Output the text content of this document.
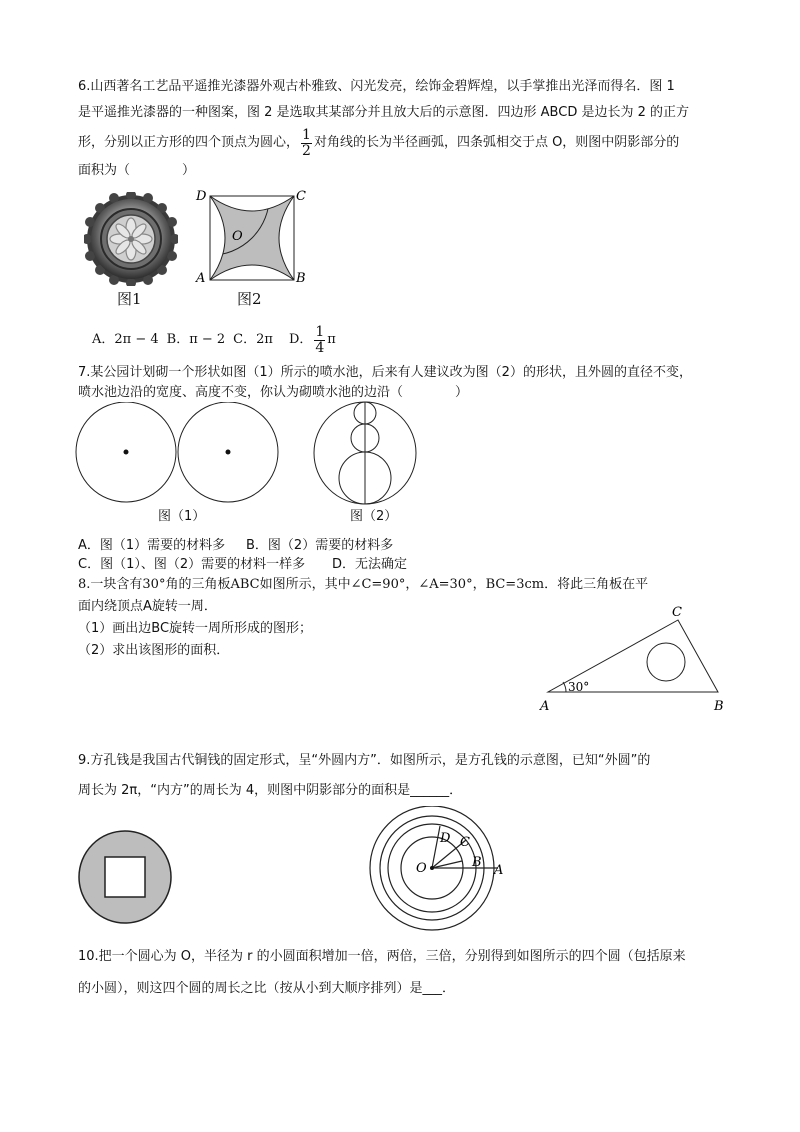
6.山西著名工艺品平遥推光漆器外观古朴雅致、闪光发亮，绘饰金碧辉煌，以手掌推出光泽而得名．图 1
是平遥推光漆器的一种图案，图 2 是选取其某部分并且放大后的示意图．四边形 ABCD 是边长为 2 的正方
形，分别以正方形的四个顶点为圆心， $\frac{1}{2}$ 对角线的长为半径画弧，四条弧相交于点 O，则图中阴影部分的
面积为（　　　　）
图1
D	C
O
A	B
图2
A．2π − 4 B．π − 2 C．2π D． $\frac{1}{4}$ π
7.某公园计划砌一个形状如图（1）所示的喷水池，后来有人建议改为图（2）的形状，且外圆的直径不变，
喷水池边沿的宽度、高度不变，你认为砌喷水池的边沿（　　　　）
图（1）	图（2）
A．图（1）需要的材料多 B．图（2）需要的材料多
C．图（1）、图（2）需要的材料一样多 D．无法确定
8.一块含有30°角的三角板ABC如图所示，其中∠C=90°，∠A=30°，BC=3cm．将此三角板在平
面内绕顶点A旋转一周．
（1）画出边BC旋转一周所形成的图形；
（2）求出该图形的面积．
30°
A	B
C
9.方孔钱是我国古代铜钱的固定形式，呈“外圆内方”．如图所示，是方孔钱的示意图，已知“外圆”的
周长为 2π，“内方”的周长为 4，则图中阴影部分的面积是______．
O
D C
B
A
10.把一个圆心为 O，半径为 r 的小圆面积增加一倍，两倍，三倍，分别得到如图所示的四个圆（包括原来
的小圆），则这四个圆的周长之比（按从小到大顺序排列）是___．
